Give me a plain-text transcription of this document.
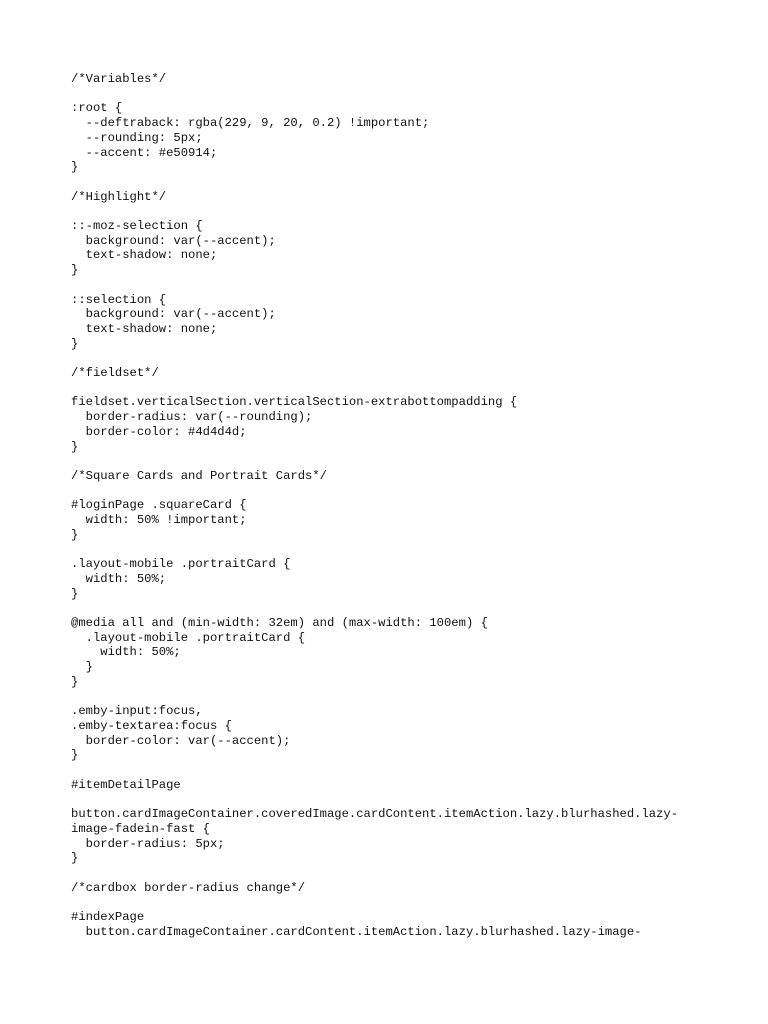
/*Variables*/

:root {
--deftraback: rgba(229, 9, 20, 0.2) !important;
--rounding: 5px;
--accent: #e50914;
}

/*Highlight*/

::-moz-selection {
background: var(--accent);
text-shadow: none;
}

::selection {
background: var(--accent);
text-shadow: none;
}

/*fieldset*/

fieldset.verticalSection.verticalSection-extrabottompadding {
border-radius: var(--rounding);
border-color: #4d4d4d;
}

/*Square Cards and Portrait Cards*/

#loginPage .squareCard {
width: 50% !important;
}

.layout-mobile .portraitCard {
width: 50%;
}

@media all and (min-width: 32em) and (max-width: 100em) {
.layout-mobile .portraitCard {
width: 50%;
}
}

.emby-input:focus,
.emby-textarea:focus {
border-color: var(--accent);
}

#itemDetailPage

button.cardImageContainer.coveredImage.cardContent.itemAction.lazy.blurhashed.lazy-
image-fadein-fast {
border-radius: 5px;
}

/*cardbox border-radius change*/

#indexPage
button.cardImageContainer.cardContent.itemAction.lazy.blurhashed.lazy-image-
